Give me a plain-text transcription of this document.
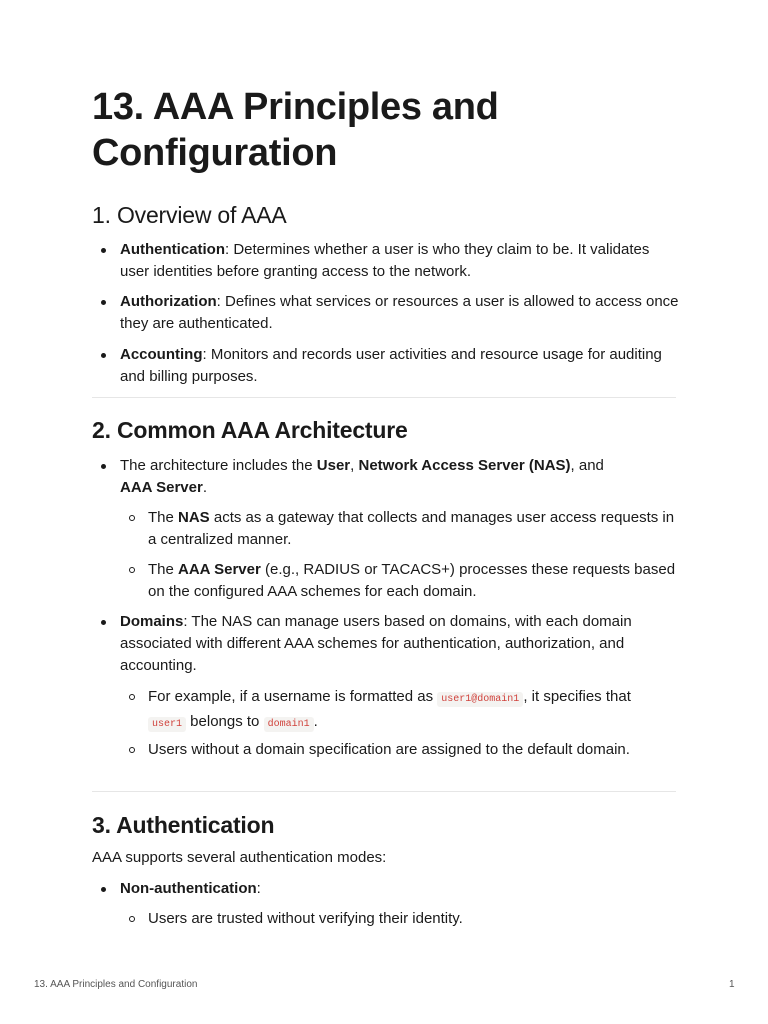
13. AAA Principles and Configuration
1. Overview of AAA
Authentication: Determines whether a user is who they claim to be. It validates user identities before granting access to the network.
Authorization: Defines what services or resources a user is allowed to access once they are authenticated.
Accounting: Monitors and records user activities and resource usage for auditing and billing purposes.
2. Common AAA Architecture
The architecture includes the User, Network Access Server (NAS), and
AAA Server.
The NAS acts as a gateway that collects and manages user access requests in a centralized manner.
The AAA Server (e.g., RADIUS or TACACS+) processes these requests based on the configured AAA schemes for each domain.
Domains: The NAS can manage users based on domains, with each domain associated with different AAA schemes for authentication, authorization, and accounting.
For example, if a username is formatted as user1@domain1 , it specifies that
user1 belongs to domain1 .
Users without a domain specification are assigned to the default domain.
3. Authentication
AAA supports several authentication modes:
Non-authentication:
Users are trusted without verifying their identity.
13. AAA Principles and Configuration	1
